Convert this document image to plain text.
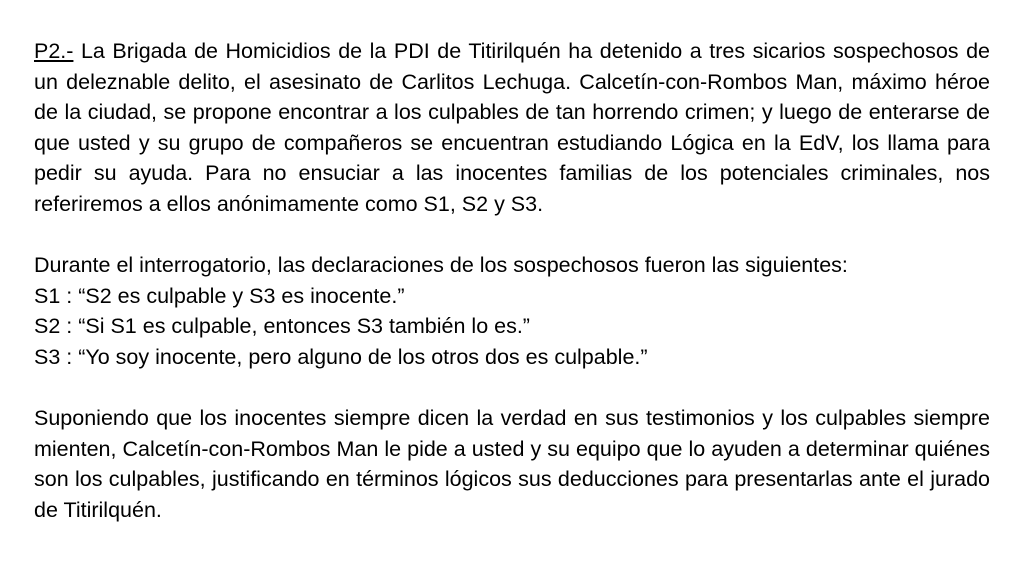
P2.- La Brigada de Homicidios de la PDI de Titirilquén ha detenido a tres sicarios sospechosos de un deleznable delito, el asesinato de Carlitos Lechuga. Calcetín-con-Rombos Man, máximo héroe de la ciudad, se propone encontrar a los culpables de tan horrendo crimen; y luego de enterarse de que usted y su grupo de compañeros se encuentran estudiando Lógica en la EdV, los llama para pedir su ayuda. Para no ensuciar a las inocentes familias de los potenciales criminales, nos referiremos a ellos anónimamente como S1, S2 y S3.

Durante el interrogatorio, las declaraciones de los sospechosos fueron las siguientes:
S1 : “S2 es culpable y S3 es inocente.”
S2 : “Si S1 es culpable, entonces S3 también lo es.”
S3 : “Yo soy inocente, pero alguno de los otros dos es culpable.”

Suponiendo que los inocentes siempre dicen la verdad en sus testimonios y los culpables siempre mienten, Calcetín-con-Rombos Man le pide a usted y su equipo que lo ayuden a determinar quiénes son los culpables, justificando en términos lógicos sus deducciones para presentarlas ante el jurado de Titirilquén.
